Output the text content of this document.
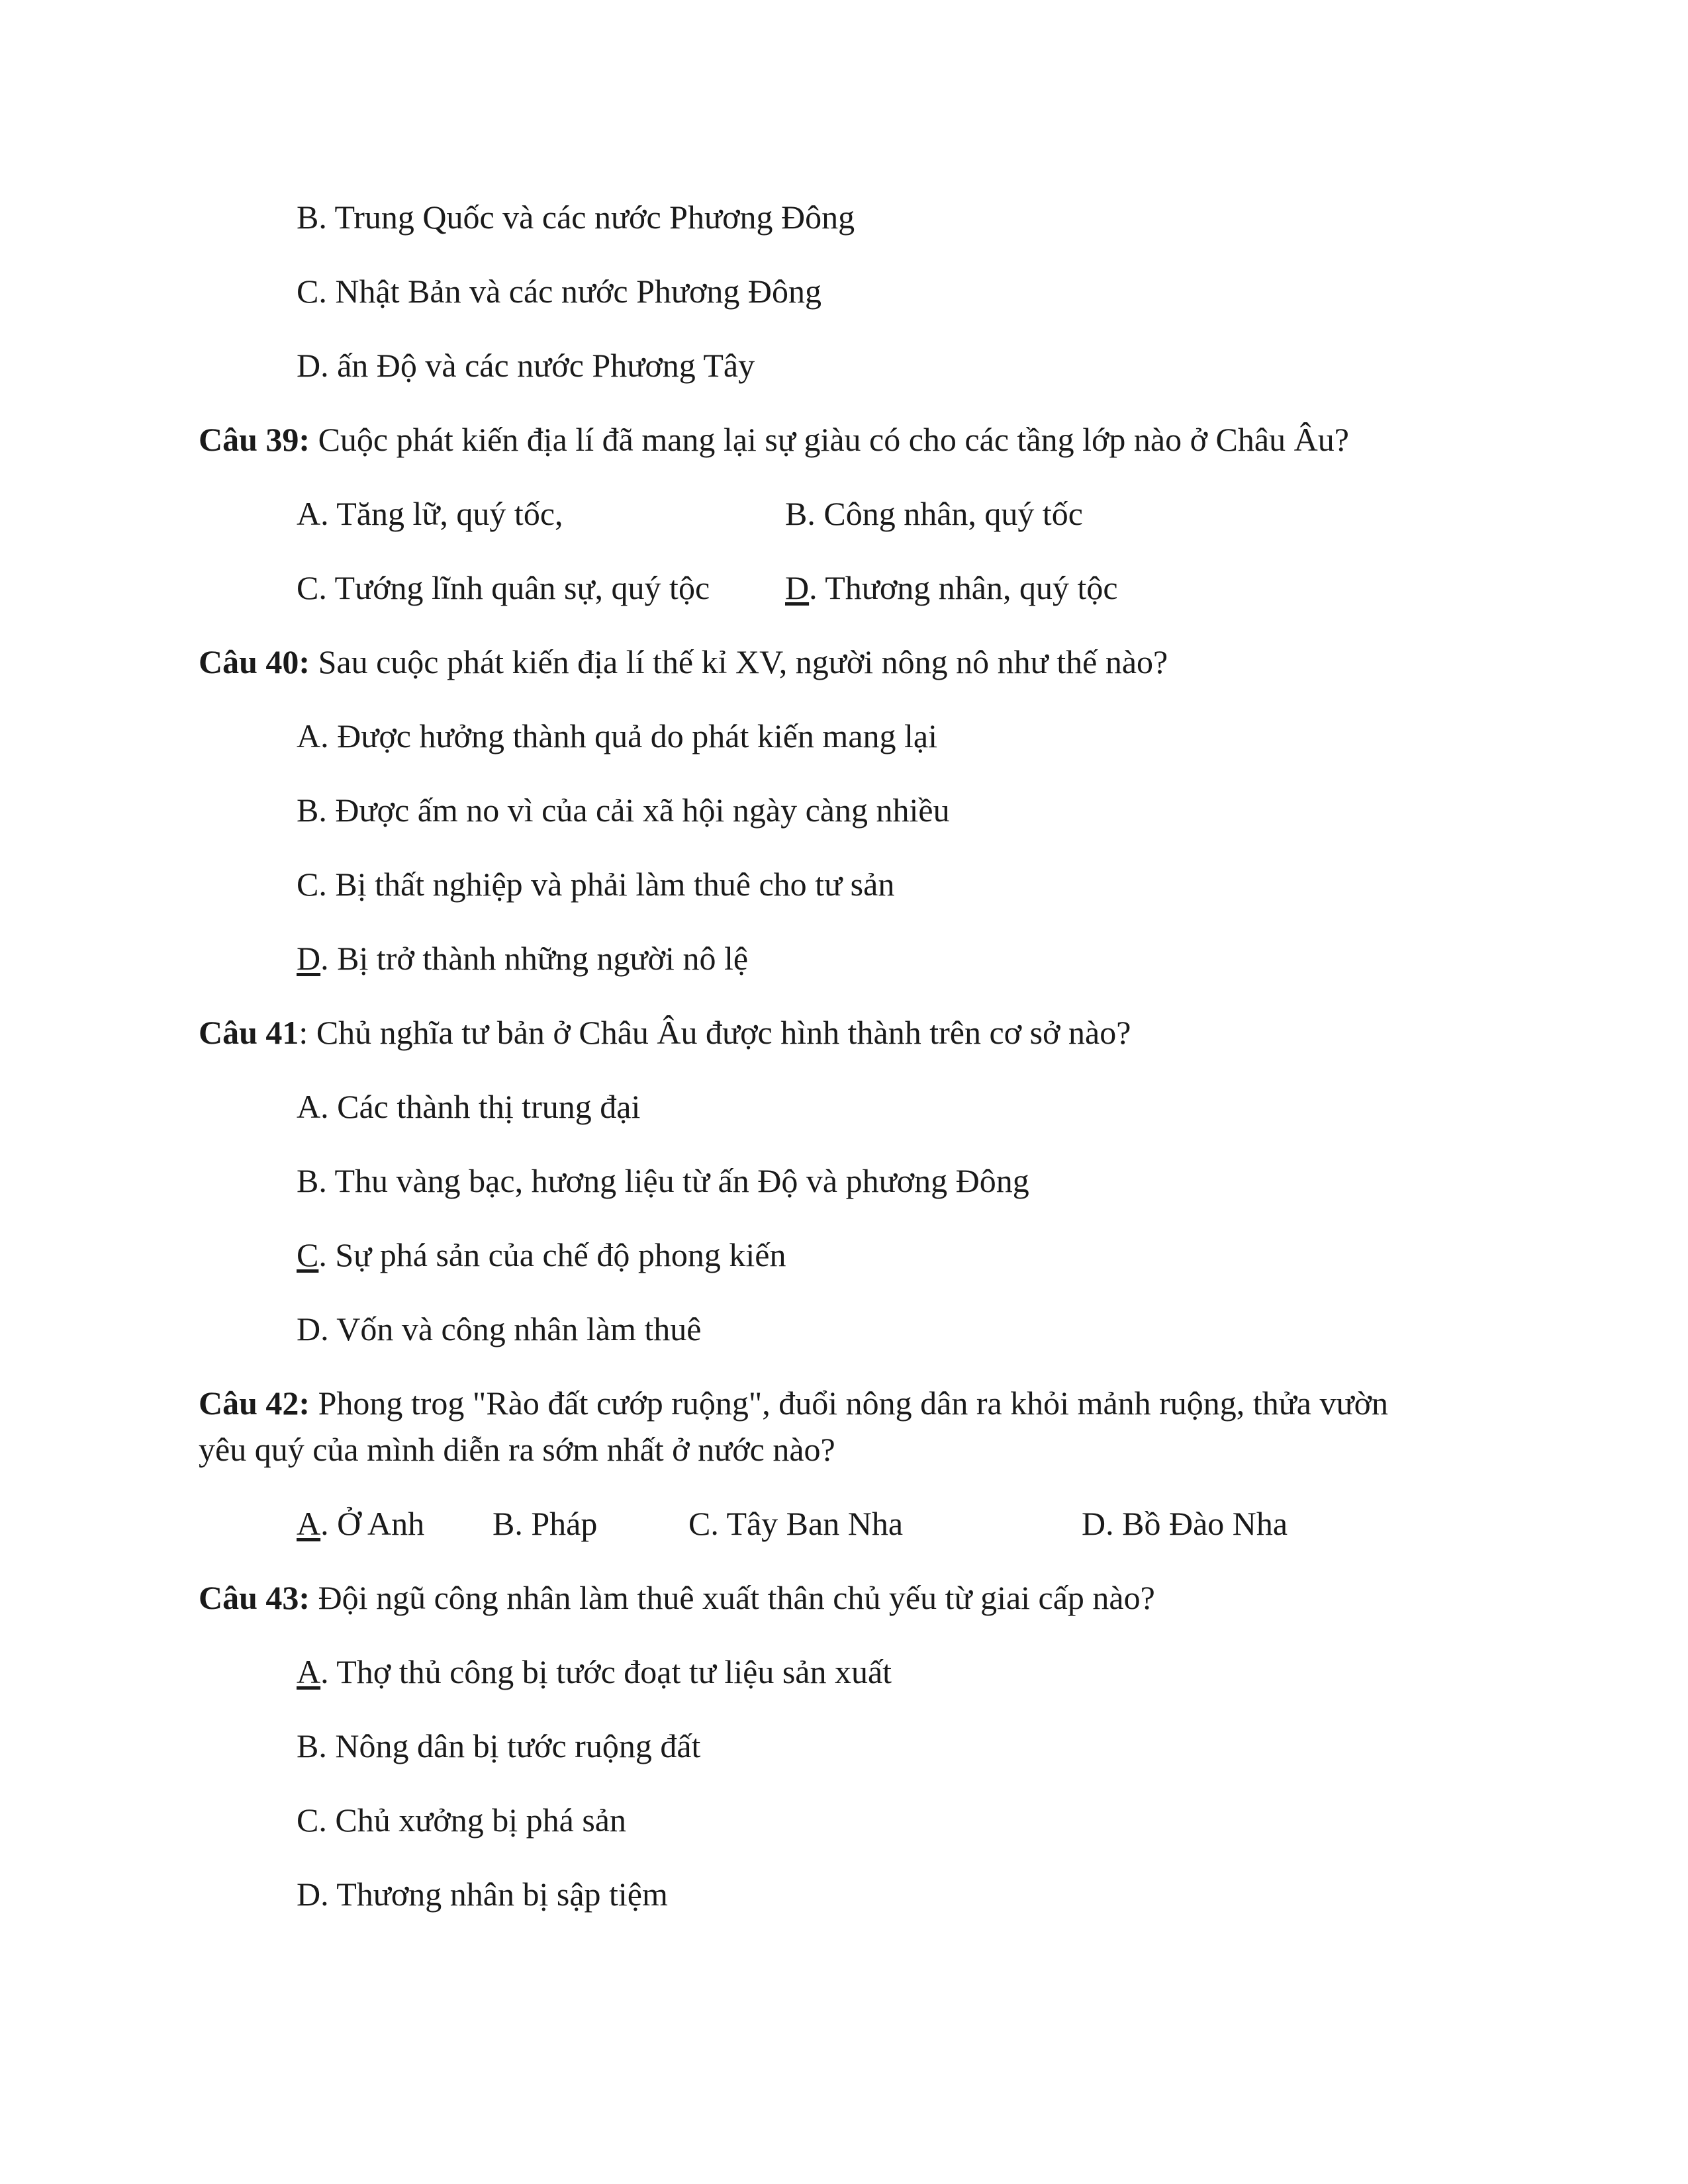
B. Trung Quốc và các nước Phương Đông
C. Nhật Bản và các nước Phương Đông
D. ấn Độ và các nước Phương Tây
Câu 39: Cuộc phát kiến địa lí đã mang lại sự giàu có cho các tầng lớp nào ở Châu Âu?
A. Tăng lữ, quý tốc,	B. Công nhân, quý tốc
C. Tướng lĩnh quân sự, quý tộc D. Thương nhân, quý tộc
Câu 40: Sau cuộc phát kiến địa lí thế kỉ XV, người nông nô như thế nào?
A. Được hưởng thành quả do phát kiến mang lại
B. Được ấm no vì của cải xã hội ngày càng nhiều
C. Bị thất nghiệp và phải làm thuê cho tư sản
D. Bị trở thành những người nô lệ
Câu 41: Chủ nghĩa tư bản ở Châu Âu được hình thành trên cơ sở nào?
A. Các thành thị trung đại
B. Thu vàng bạc, hương liệu từ ấn Độ và phương Đông
C. Sự phá sản của chế độ phong kiến
D. Vốn và công nhân làm thuê
Câu 42: Phong trog "Rào đất cướp ruộng", đuổi nông dân ra khỏi mảnh ruộng, thửa vườn
yêu quý của mình diễn ra sớm nhất ở nước nào?
A. Ở Anh B. Pháp	C. Tây Ban Nha	D. Bồ Đào Nha
Câu 43: Đội ngũ công nhân làm thuê xuất thân chủ yếu từ giai cấp nào?
A. Thợ thủ công bị tước đoạt tư liệu sản xuất
B. Nông dân bị tước ruộng đất
C. Chủ xưởng bị phá sản
D. Thương nhân bị sập tiệm
